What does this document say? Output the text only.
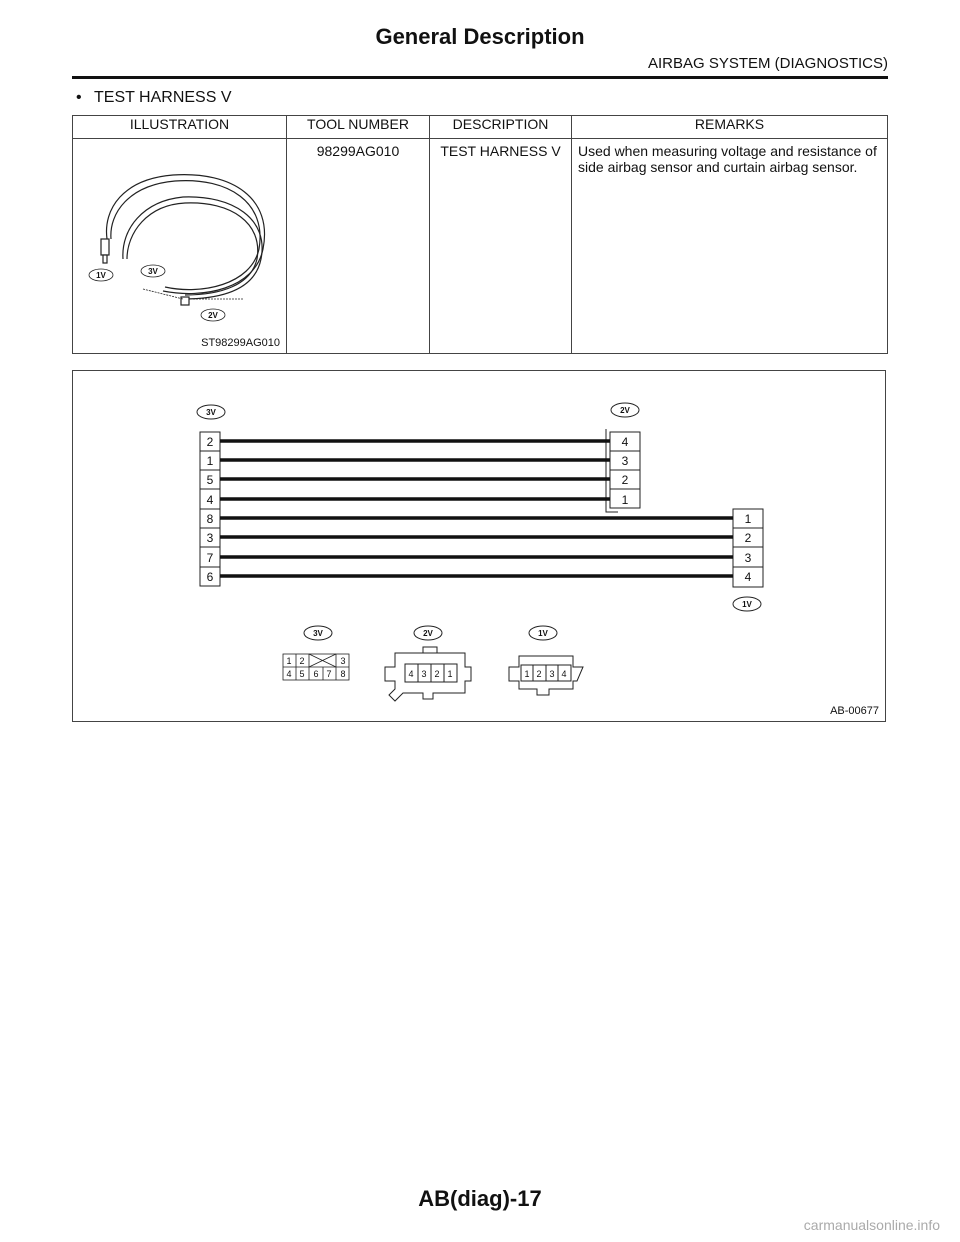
General Description
AIRBAG SYSTEM (DIAGNOSTICS)
• TEST HARNESS V
ILLUSTRATION	TOOL NUMBER	DESCRIPTION	REMARKS

1V 3V
2V
ST98299AG010	98299AG010	TEST HARNESS V	Used when measuring voltage and resistance of side airbag sensor and curtain airbag sensor.
3V	2V
1V
2
1
5
4
8
3
7
6
4
3
2
1
1
2
3
4
3V	2V	1V
1 2	3
4 5 6 7 8	4 3 2 1	1 2 3 4
AB-00677
AB(diag)-17
carmanualsonline.info
